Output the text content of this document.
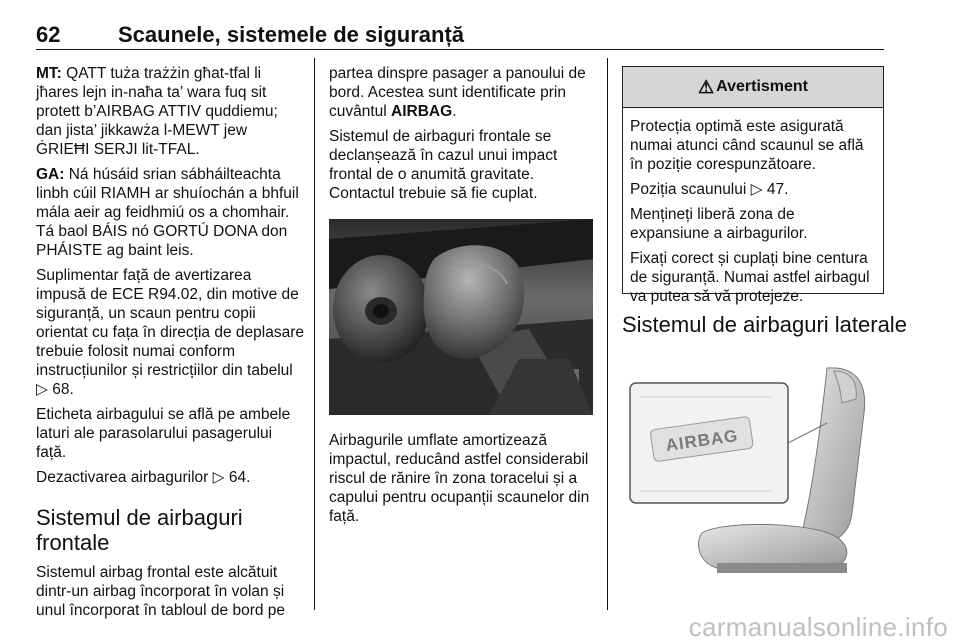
62	Scaunele, sistemele de siguranță

MT: QATT tuża trażżin għat-tfal li jħares lejn in-naħa ta’ wara fuq sit protett b’AIRBAG ATTIV quddiemu; dan jista’ jikkawża l-MEWT jew ĠRIEĦI SERJI lit-TFAL.

GA: Ná húsáid srian sábháilteachta linbh cúil RIAMH ar shuíochán a bhfuil mála aeir ag feidhmiú os a chomhair. Tá baol BÁIS nó GORTÚ DONA don PHÁISTE ag baint leis.

Suplimentar față de avertizarea impusă de ECE R94.02, din motive de siguranță, un scaun pentru copii orientat cu fața în direcția de deplasare trebuie folosit numai conform instrucțiunilor și restricțiilor din tabelul ▷ 68.

Eticheta airbagului se află pe ambele laturi ale parasolarului pasagerului față.

Dezactivarea airbagurilor ▷ 64.

Sistemul de airbaguri frontale

Sistemul airbag frontal este alcătuit dintr-un airbag încorporat în volan și unul încorporat în tabloul de bord pe

partea dinspre pasager a panoului de bord. Acestea sunt identificate prin cuvântul AIRBAG.

Sistemul de airbaguri frontale se declanșează în cazul unui impact frontal de o anumită gravitate. Contactul trebuie să fie cuplat.

Airbagurile umflate amortizează impactul, reducând astfel considerabil riscul de rănire în zona toracelui și a capului pentru ocupanții scaunelor din față.
⚠ Avertisment

Protecția optimă este asigurată numai atunci când scaunul se află în poziție corespunzătoare.

Poziția scaunului ▷ 47.

Mențineți liberă zona de expansiune a airbagurilor.

Fixați corect și cuplați bine centura de siguranță. Numai astfel airbagul va putea să vă protejeze.

Sistemul de airbaguri laterale
AIRBAG
carmanualsonline.info
